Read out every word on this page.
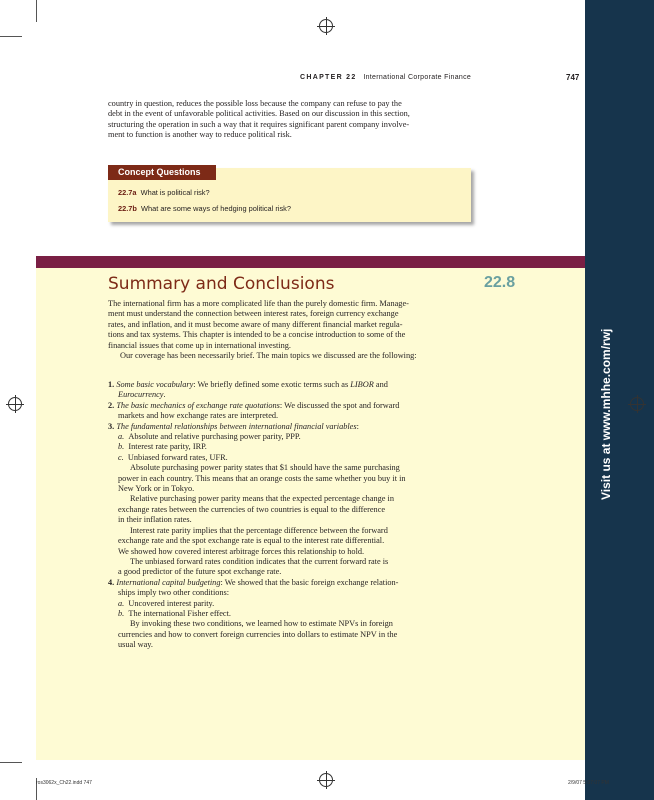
CHAPTER 22 International Corporate Finance	747
country in question, reduces the possible loss because the company can refuse to pay the
debt in the event of unfavorable political activities. Based on our discussion in this section,
structuring the operation in such a way that it requires significant parent company involve-
ment to function is another way to reduce political risk.
Concept Questions
22.7a What is political risk?
22.7b What are some ways of hedging political risk?
Summary and Conclusions	22.8
Visit us at www.mhhe.com/rwj
The international firm has a more complicated life than the purely domestic firm. Manage-
ment must understand the connection between interest rates, foreign currency exchange
rates, and inflation, and it must become aware of many different financial market regula-
tions and tax systems. This chapter is intended to be a concise introduction to some of the
financial issues that come up in international investing.
Our coverage has been necessarily brief. The main topics we discussed are the following:
1. Some basic vocabulary: We briefly defined some exotic terms such as LIBOR and
Eurocurrency.
2. The basic mechanics of exchange rate quotations: We discussed the spot and forward
markets and how exchange rates are interpreted.
3. The fundamental relationships between international financial variables:
a. Absolute and relative purchasing power parity, PPP.
b. Interest rate parity, IRP.
c. Unbiased forward rates, UFR.
Absolute purchasing power parity states that $1 should have the same purchasing
power in each country. This means that an orange costs the same whether you buy it in
New York or in Tokyo.
Relative purchasing power parity means that the expected percentage change in
exchange rates between the currencies of two countries is equal to the difference
in their inflation rates.
Interest rate parity implies that the percentage difference between the forward
exchange rate and the spot exchange rate is equal to the interest rate differential.
We showed how covered interest arbitrage forces this relationship to hold.
The unbiased forward rates condition indicates that the current forward rate is
a good predictor of the future spot exchange rate.
4. International capital budgeting: We showed that the basic foreign exchange relation-
ships imply two other conditions:
a. Uncovered interest parity.
b. The international Fisher effect.
By invoking these two conditions, we learned how to estimate NPVs in foreign
currencies and how to convert foreign currencies into dollars to estimate NPV in the
usual way.
ros3062x_Ch22.indd 747	2/9/07 5:07:07 PM
